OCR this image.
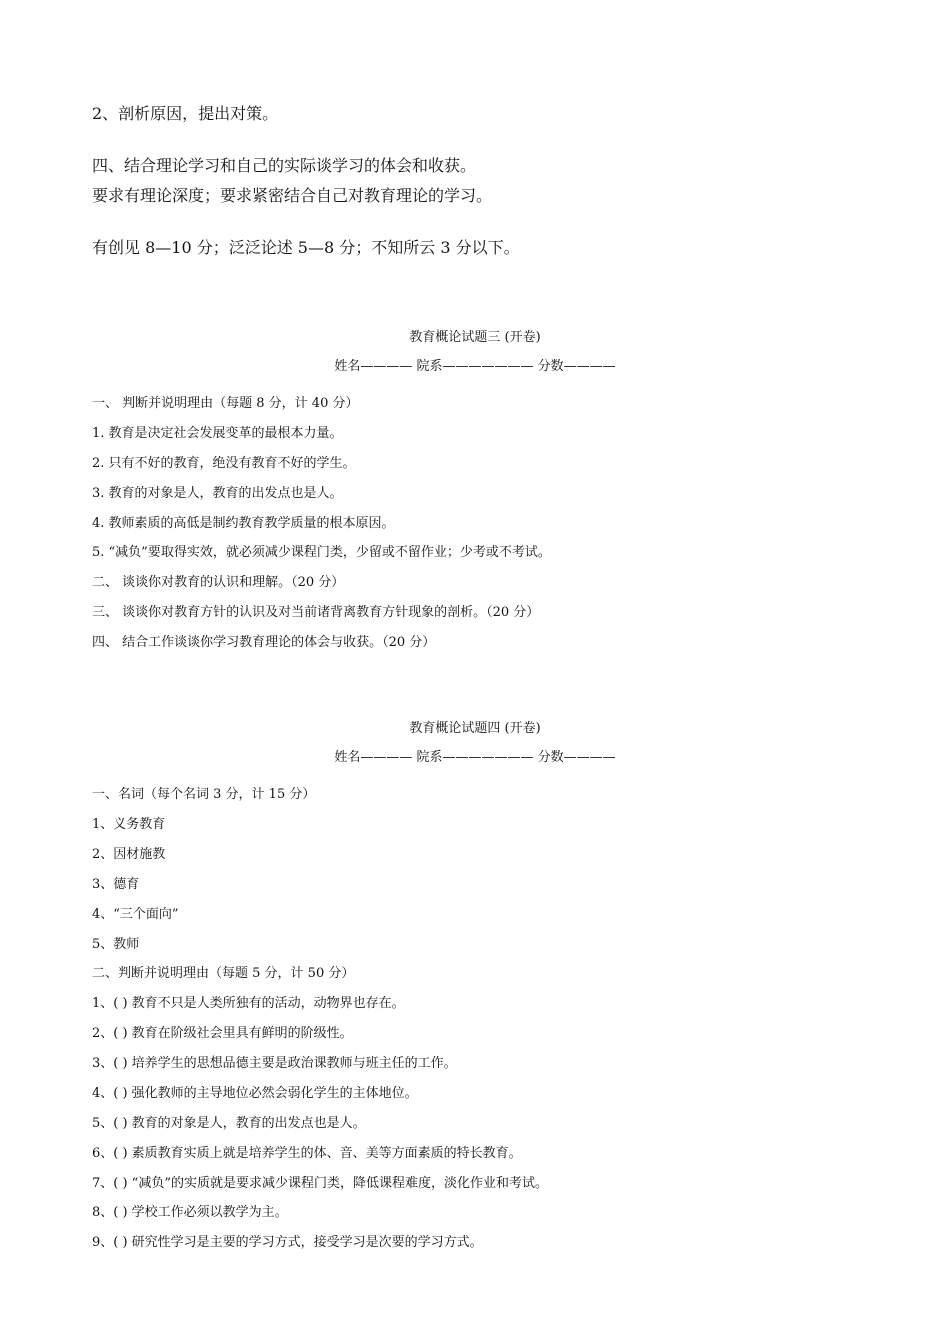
2、剖析原因，提出对策。
四、结合理论学习和自己的实际谈学习的体会和收获。
要求有理论深度；要求紧密结合自己对教育理论的学习。
有创见 8—10 分；泛泛论述 5—8 分；不知所云 3 分以下。
教育概论试题三 (开卷)
姓名———— 院系——————— 分数————
一、 判断并说明理由（每题 8 分，计 40 分）
1. 教育是决定社会发展变革的最根本力量。
2. 只有不好的教育，绝没有教育不好的学生。
3. 教育的对象是人，教育的出发点也是人。
4. 教师素质的高低是制约教育教学质量的根本原因。
5. “减负”要取得实效，就必须减少课程门类，少留或不留作业；少考或不考试。
二、 谈谈你对教育的认识和理解。（20 分）
三、 谈谈你对教育方针的认识及对当前诸背离教育方针现象的剖析。（20 分）
四、 结合工作谈谈你学习教育理论的体会与收获。（20 分）
教育概论试题四 (开卷)
姓名———— 院系——————— 分数————
一、名词（每个名词 3 分，计 15 分）
1、义务教育
2、因材施教
3、德育
4、“三个面向”
5、教师
二、判断并说明理由（每题 5 分，计 50 分）
1、( ) 教育不只是人类所独有的活动，动物界也存在。
2、( ) 教育在阶级社会里具有鲜明的阶级性。
3、( ) 培养学生的思想品德主要是政治课教师与班主任的工作。
4、( ) 强化教师的主导地位必然会弱化学生的主体地位。
5、( ) 教育的对象是人，教育的出发点也是人。
6、( ) 素质教育实质上就是培养学生的体、音、美等方面素质的特长教育。
7、( ) “减负”的实质就是要求减少课程门类，降低课程难度，淡化作业和考试。
8、( ) 学校工作必须以教学为主。
9、( ) 研究性学习是主要的学习方式，接受学习是次要的学习方式。
